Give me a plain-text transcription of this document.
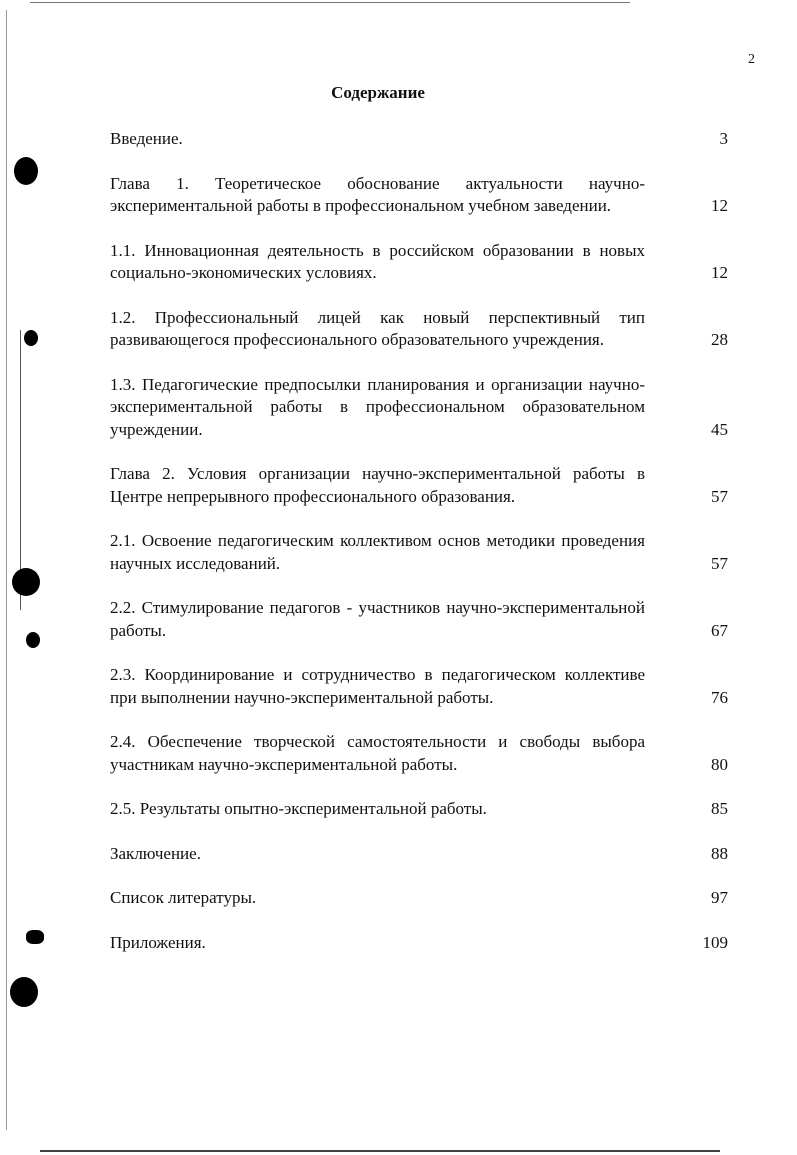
2
Содержание
Введение.	3
Глава 1. Теоретическое обоснование актуальности научно-экспериментальной работы в профессиональном учебном заведении.	12
1.1. Инновационная деятельность в российском образовании в новых социально-экономических условиях.	12
1.2. Профессиональный лицей как новый перспективный тип развивающегося профессионального образовательного учреждения.	28
1.3. Педагогические предпосылки планирования и организации научно-экспериментальной работы в профессиональном образовательном учреждении.	45
Глава 2. Условия организации научно-экспериментальной работы в Центре непрерывного профессионального образования.	57
2.1. Освоение педагогическим коллективом основ методики проведения научных исследований.	57
2.2. Стимулирование педагогов - участников научно-экспериментальной работы.	67
2.3. Координирование и сотрудничество в педагогическом коллективе при выполнении научно-экспериментальной работы.	76
2.4. Обеспечение творческой самостоятельности и свободы выбора участникам научно-экспериментальной работы.	80
2.5. Результаты опытно-экспериментальной работы.	85
Заключение.	88
Список литературы.	97
Приложения.	109
